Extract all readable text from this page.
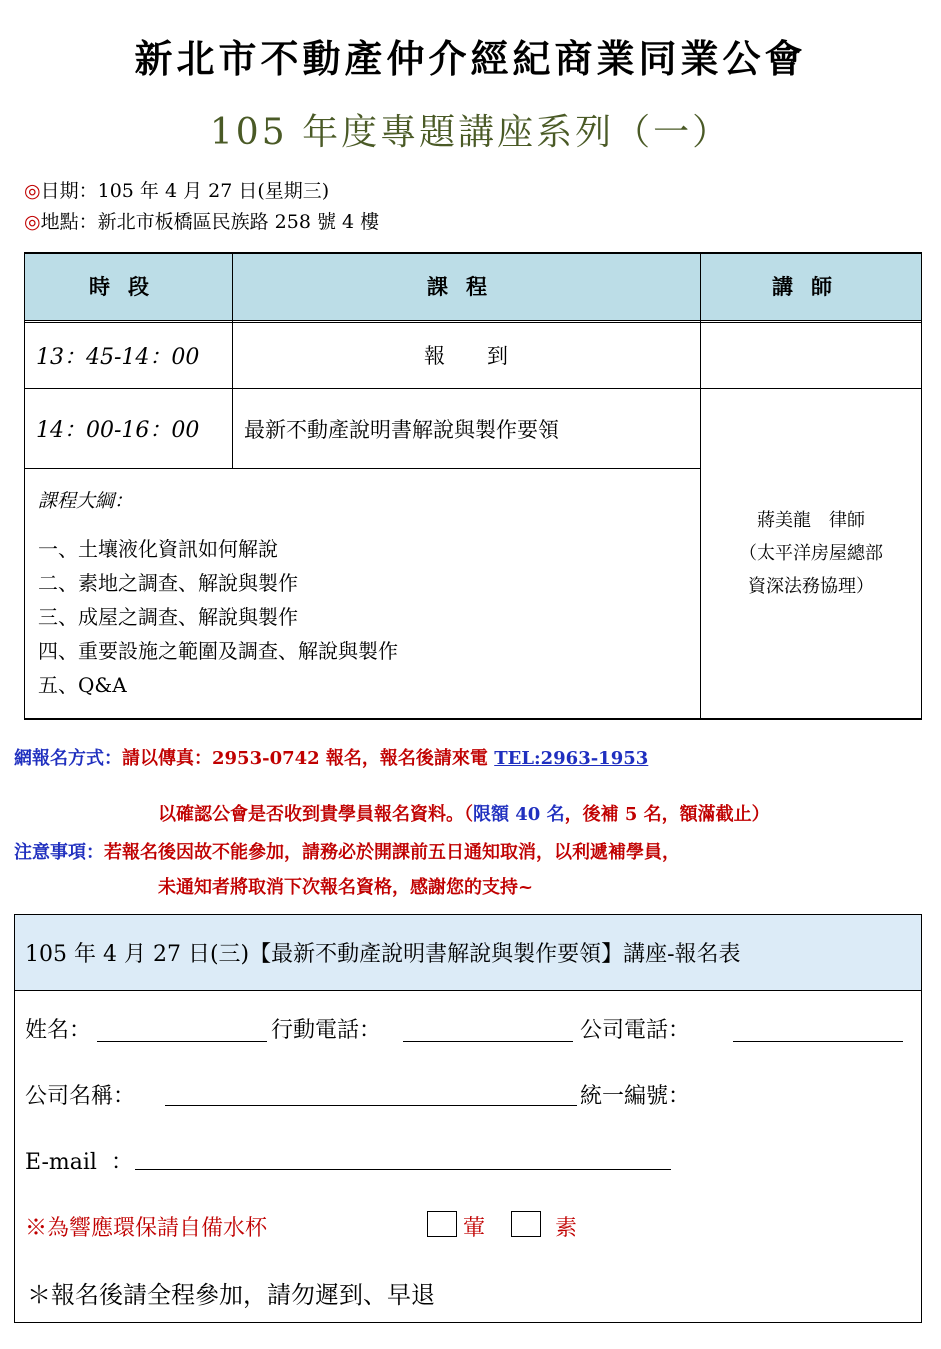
新北市不動產仲介經紀商業同業公會
105 年度專題講座系列（一）
◎日期：105 年 4 月 27 日(星期三)
◎地點：新北市板橋區民族路 258 號 4 樓
時段	課程	講師
13：45-14：00	報　　到
14：00-16：00	最新不動產說明書解說與製作要領
課程大綱：
一、土壤液化資訊如何解說
二、素地之調查、解說與製作
三、成屋之調查、解說與製作
四、重要設施之範圍及調查、解說與製作
五、Q&A
蔣美龍　律師
（太平洋房屋總部
資深法務協理）
網報名方式：請以傳真：2953-0742 報名，報名後請來電 TEL:2963-1953
以確認公會是否收到貴學員報名資料。（限額 40 名，後補 5 名，額滿截止）
注意事項：若報名後因故不能參加，請務必於開課前五日通知取消，以利遞補學員，
未通知者將取消下次報名資格，感謝您的支持~
105 年 4 月 27 日(三)【最新不動產說明書解說與製作要領】講座-報名表
姓名：	行動電話：	公司電話：
公司名稱：	統一編號：
E-mail  ：
※為響應環保請自備水杯	葷	素
＊報名後請全程參加，請勿遲到、早退
